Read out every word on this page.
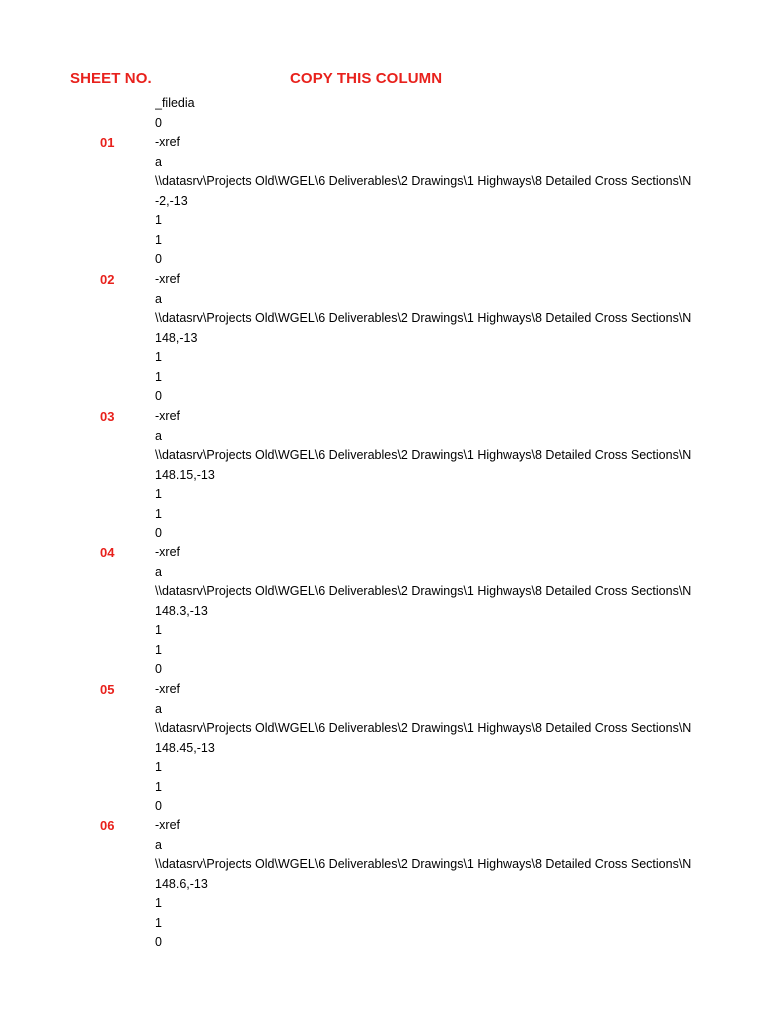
SHEET NO.	COPY THIS COLUMN
_filedia
0
01	-xref
a
\\datasrv\Projects Old\WGEL\6 Deliverables\2 Drawings\1 Highways\8 Detailed Cross Sections\N
-2,-13
1
1
0
02	-xref
a
\\datasrv\Projects Old\WGEL\6 Deliverables\2 Drawings\1 Highways\8 Detailed Cross Sections\N
148,-13
1
1
0
03	-xref
a
\\datasrv\Projects Old\WGEL\6 Deliverables\2 Drawings\1 Highways\8 Detailed Cross Sections\N
148.15,-13
1
1
0
04	-xref
a
\\datasrv\Projects Old\WGEL\6 Deliverables\2 Drawings\1 Highways\8 Detailed Cross Sections\N
148.3,-13
1
1
0
05	-xref
a
\\datasrv\Projects Old\WGEL\6 Deliverables\2 Drawings\1 Highways\8 Detailed Cross Sections\N
148.45,-13
1
1
0
06	-xref
a
\\datasrv\Projects Old\WGEL\6 Deliverables\2 Drawings\1 Highways\8 Detailed Cross Sections\N
148.6,-13
1
1
0
